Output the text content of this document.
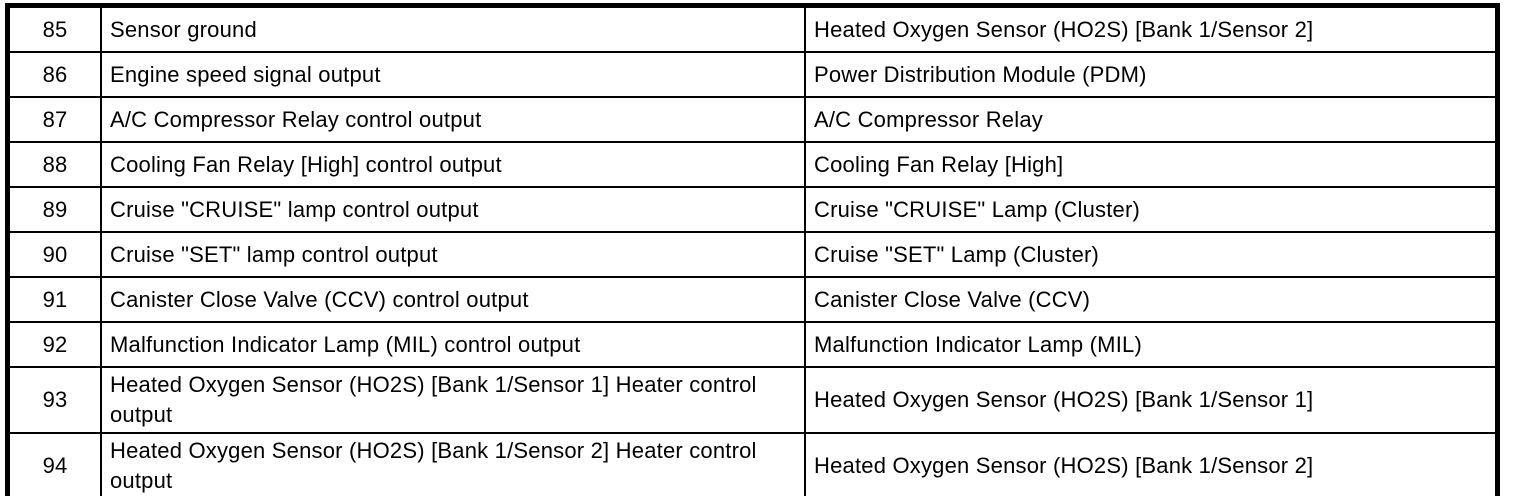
85	Sensor ground	Heated Oxygen Sensor (HO2S) [Bank 1/Sensor 2]
86	Engine speed signal output	Power Distribution Module (PDM)
87	A/C Compressor Relay control output	A/C Compressor Relay
88	Cooling Fan Relay [High] control output	Cooling Fan Relay [High]
89	Cruise "CRUISE" lamp control output	Cruise "CRUISE" Lamp (Cluster)
90	Cruise "SET" lamp control output	Cruise "SET" Lamp (Cluster)
91	Canister Close Valve (CCV) control output	Canister Close Valve (CCV)
92	Malfunction Indicator Lamp (MIL) control output	Malfunction Indicator Lamp (MIL)
93	Heated Oxygen Sensor (HO2S) [Bank 1/Sensor 1] Heater control output	Heated Oxygen Sensor (HO2S) [Bank 1/Sensor 1]
94	Heated Oxygen Sensor (HO2S) [Bank 1/Sensor 2] Heater control output	Heated Oxygen Sensor (HO2S) [Bank 1/Sensor 2]
